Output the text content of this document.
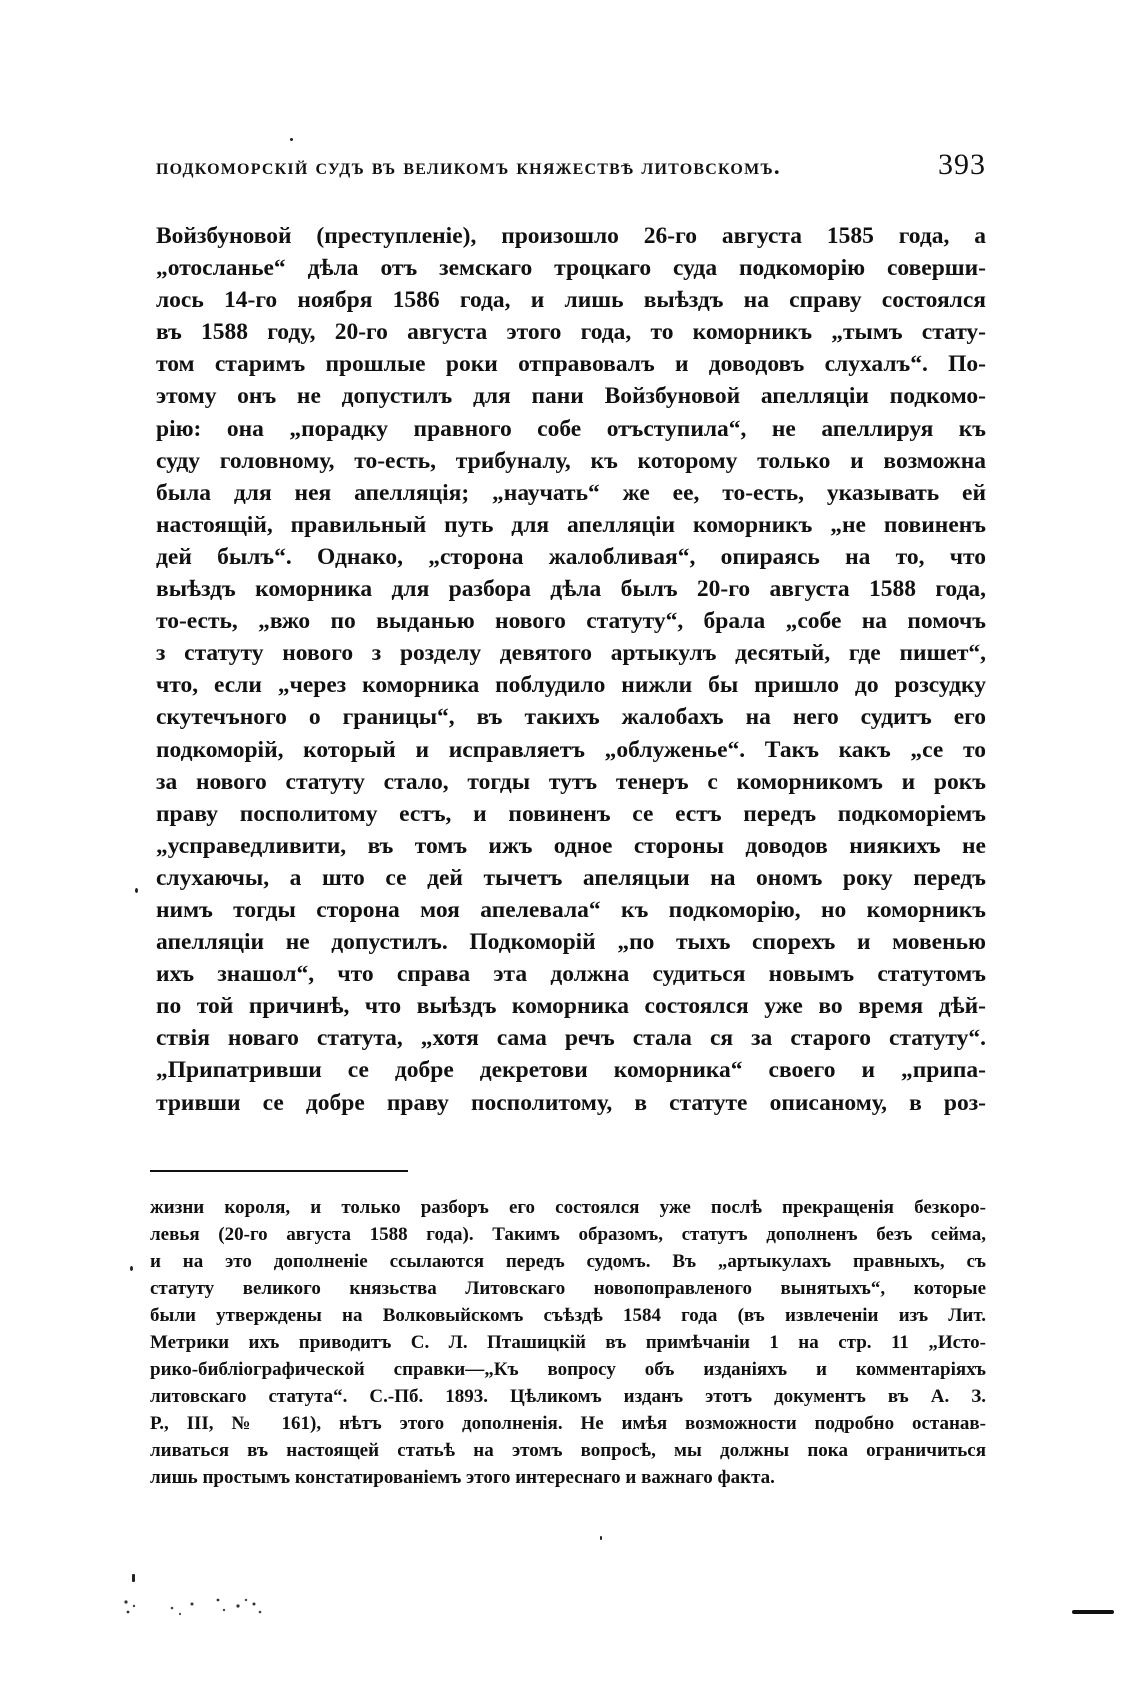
подкоморскій судъ въ великомъ княжествѣ литовскомъ.	393
Войзбуновой (преступленіе), произошло 26-го августа 1585 года, а
„отосланье“ дѣла отъ земскаго троцкаго суда подкоморію соверши-
лось 14-го ноября 1586 года, и лишь выѣздъ на справу состоялся
въ 1588 году, 20-го августа этого года, то коморникъ „тымъ стату-
том старимъ прошлые роки отправовалъ и доводовъ слухалъ“. По-
этому онъ не допустилъ для пани Войзбуновой апелляціи подкомо-
рію: она „порадку правного собе отъступила“, не апеллируя къ
суду головному, то-есть, трибуналу, къ которому только и возможна
была для нея апелляція; „научать“ же ее, то-есть, указывать ей
настоящій, правильный путь для апелляціи коморникъ „не повиненъ
дей былъ“. Однако, „сторона жалобливая“, опираясь на то, что
выѣздъ коморника для разбора дѣла былъ 20-го августа 1588 года,
то-есть, „вжо по выданью нового статуту“, брала „собе на помочъ
з статуту нового з розделу девятого артыкулъ десятый, где пишет“,
что, если „через коморника поблудило нижли бы пришло до розсудку
скутечъного о границы“, въ такихъ жалобахъ на него судитъ его
подкоморій, который и исправляетъ „облуженье“. Такъ какъ „се то
за нового статуту стало, тогды тутъ тенеръ с коморникомъ и рокъ
праву посполитому естъ, и повиненъ се естъ передъ подкоморіемъ
„усправедливити, въ томъ ижъ одное стороны доводов ниякихъ не
слухаючы, а што се дей тычетъ апеляцыи на ономъ року передъ
нимъ тогды сторона моя апелевала“ къ подкоморію, но коморникъ
апелляціи не допустилъ. Подкоморій „по тыхъ спорехъ и мовенью
ихъ знашол“, что справа эта должна судиться новымъ статутомъ
по той причинѣ, что выѣздъ коморника состоялся уже во время дѣй-
ствія новаго статута, „хотя сама речъ стала ся за старого статуту“.
„Припатривши се добре декретови коморника“ своего и „припа-
тривши се добре праву посполитому, в статуте описаному, в роз-
жизни короля, и только разборъ его состоялся уже послѣ прекращенія безкоро-
левья (20-го августа 1588 года). Такимъ образомъ, статутъ дополненъ безъ сейма,
и на это дополненіе ссылаются передъ судомъ. Въ „артыкулахъ правныхъ, съ
статуту великого князьства Литовскаго новопоправленого вынятыхъ“, которые
были утверждены на Волковыйскомъ съѣздѣ 1584 года (въ извлеченіи изъ Лит.
Метрики ихъ приводитъ С. Л. Пташицкій въ примѣчаніи 1 на стр. 11 „Исто-
рико-библіографической справки—„Къ вопросу объ изданіяхъ и комментаріяхъ
литовскаго статута“. С.-Пб. 1893. Цѣликомъ изданъ этотъ документъ въ А. З.
Р., III, № 161), нѣтъ этого дополненія. Не имѣя возможности подробно останав-
ливаться въ настоящей статьѣ на этомъ вопросѣ, мы должны пока ограничиться
лишь простымъ констатированіемъ этого интереснаго и важнаго факта.
